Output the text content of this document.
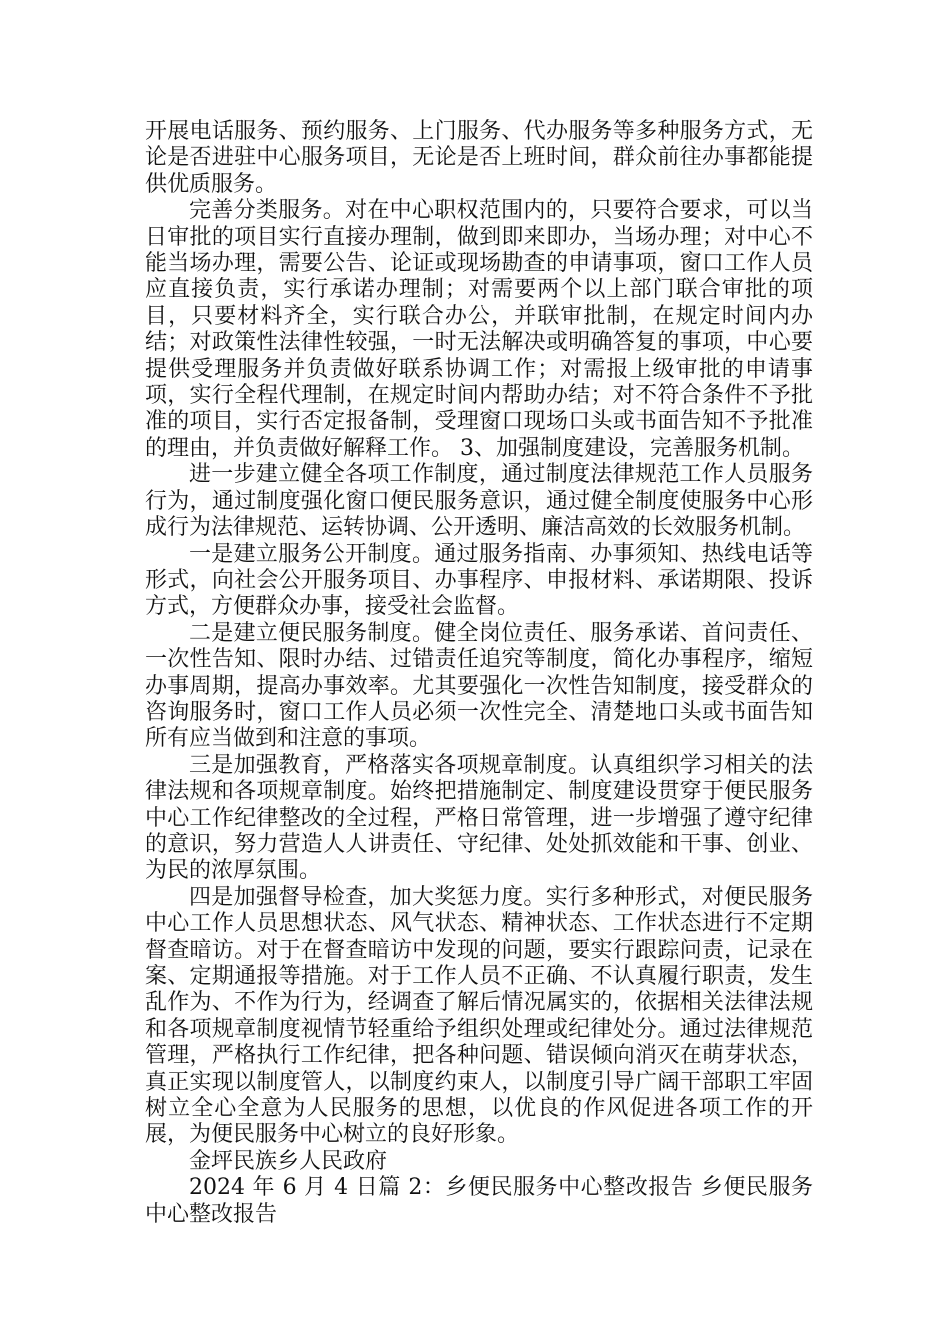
开展电话服务、预约服务、上门服务、代办服务等多种服务方式，无论是否进驻中心服务项目，无论是否上班时间，群众前往办事都能提供优质服务。

完善分类服务。对在中心职权范围内的，只要符合要求，可以当日审批的项目实行直接办理制，做到即来即办，当场办理；对中心不能当场办理，需要公告、论证或现场勘查的申请事项，窗口工作人员应直接负责，实行承诺办理制；对需要两个以上部门联合审批的项目，只要材料齐全，实行联合办公，并联审批制，在规定时间内办结；对政策性法律性较强，一时无法解决或明确答复的事项，中心要提供受理服务并负责做好联系协调工作；对需报上级审批的申请事项，实行全程代理制，在规定时间内帮助办结；对不符合条件不予批准的项目，实行否定报备制，受理窗口现场口头或书面告知不予批准的理由，并负责做好解释工作。 3、加强制度建设，完善服务机制。

进一步建立健全各项工作制度，通过制度法律规范工作人员服务行为，通过制度强化窗口便民服务意识，通过健全制度使服务中心形成行为法律规范、运转协调、公开透明、廉洁高效的长效服务机制。

一是建立服务公开制度。通过服务指南、办事须知、热线电话等形式，向社会公开服务项目、办事程序、申报材料、承诺期限、投诉方式，方便群众办事，接受社会监督。

二是建立便民服务制度。健全岗位责任、服务承诺、首问责任、一次性告知、限时办结、过错责任追究等制度，简化办事程序，缩短办事周期，提高办事效率。尤其要强化一次性告知制度，接受群众的咨询服务时，窗口工作人员必须一次性完全、清楚地口头或书面告知所有应当做到和注意的事项。

三是加强教育，严格落实各项规章制度。认真组织学习相关的法律法规和各项规章制度。始终把措施制定、制度建设贯穿于便民服务中心工作纪律整改的全过程，严格日常管理，进一步增强了遵守纪律的意识，努力营造人人讲责任、守纪律、处处抓效能和干事、创业、为民的浓厚氛围。

四是加强督导检查，加大奖惩力度。实行多种形式，对便民服务中心工作人员思想状态、风气状态、精神状态、工作状态进行不定期督查暗访。对于在督查暗访中发现的问题，要实行跟踪问责，记录在案、定期通报等措施。对于工作人员不正确、不认真履行职责，发生乱作为、不作为行为，经调查了解后情况属实的，依据相关法律法规和各项规章制度视情节轻重给予组织处理或纪律处分。通过法律规范管理，严格执行工作纪律，把各种问题、错误倾向消灭在萌芽状态，真正实现以制度管人，以制度约束人，以制度引导广阔干部职工牢固树立全心全意为人民服务的思想，以优良的作风促进各项工作的开展，为便民服务中心树立的良好形象。

金坪民族乡人民政府

2024 年 6 月 4 日篇 2：乡便民服务中心整改报告 乡便民服务中心整改报告
